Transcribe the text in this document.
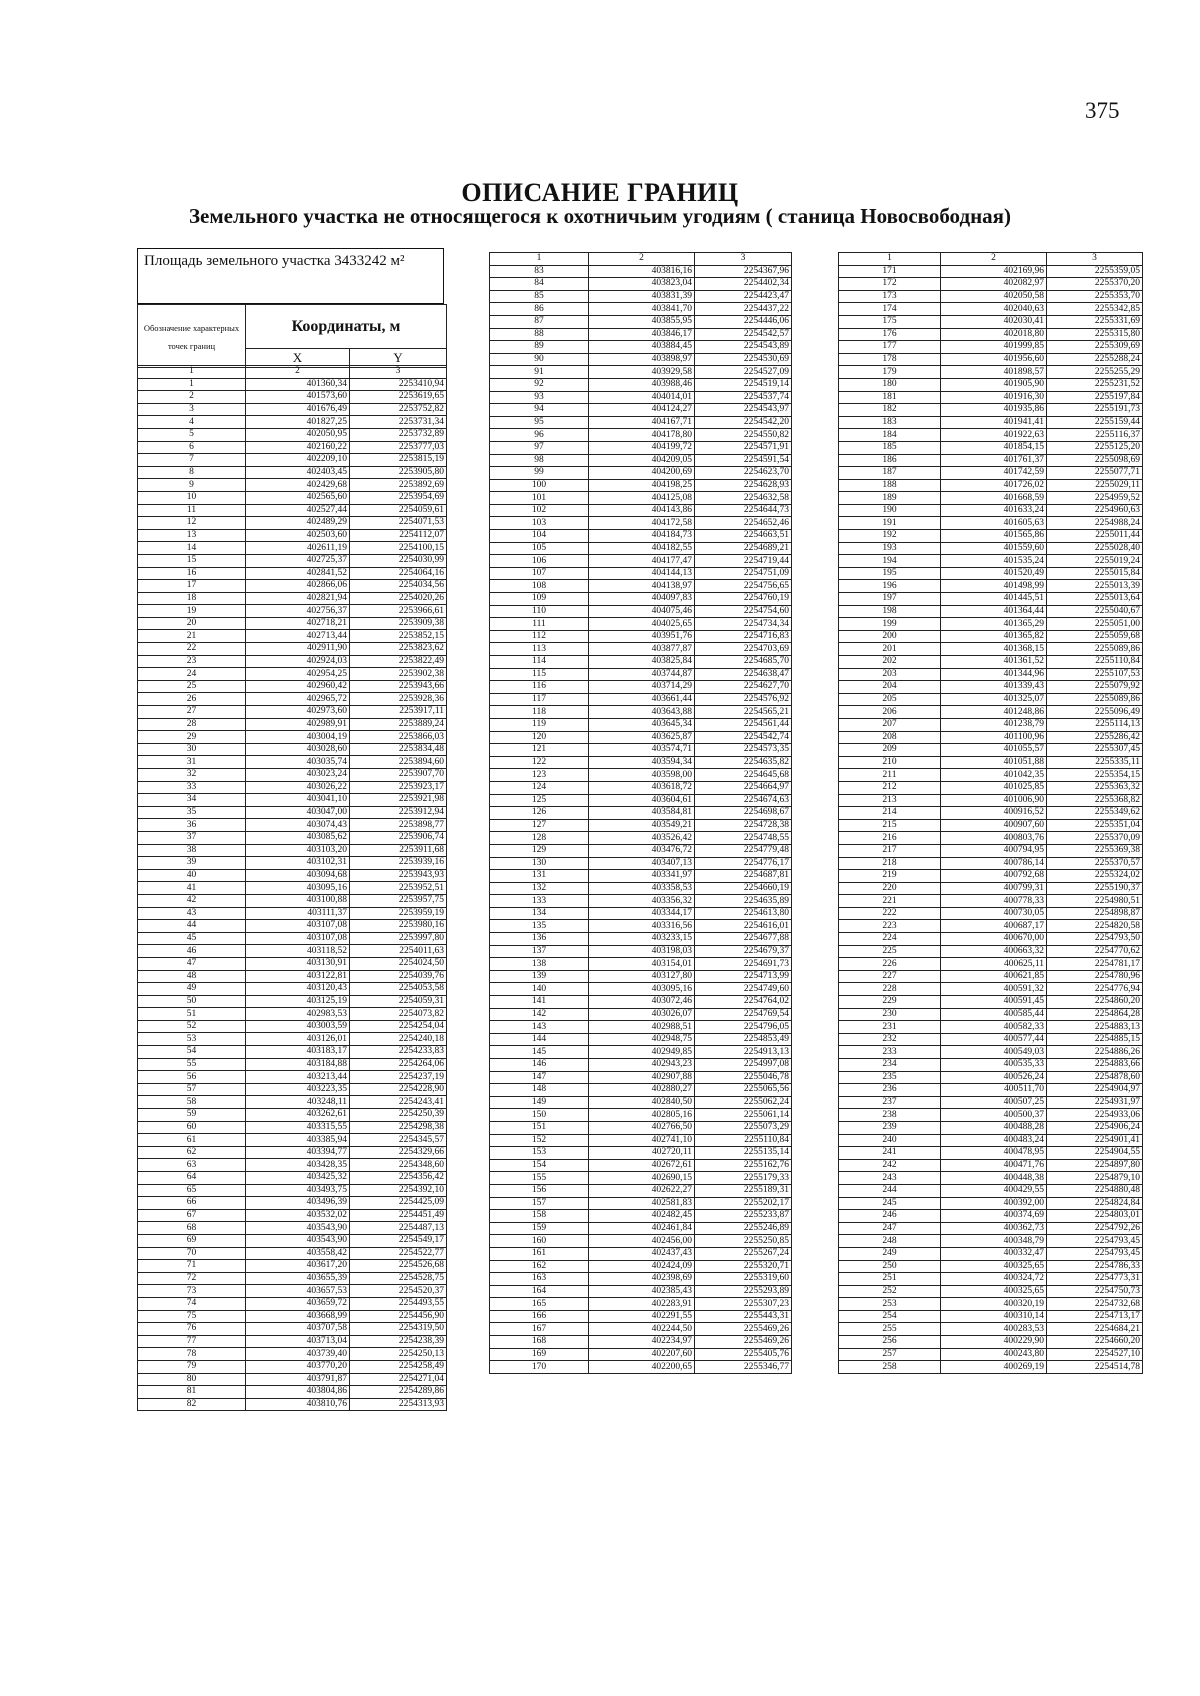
375
ОПИСАНИЕ ГРАНИЦ
Земельного участка не относящегося к охотничьим угодиям ( станица Новосвободная)
Площадь земельного участка 3433242 м²
Обозначение характерных точек границ	Координаты, м	
	X	Y
1	2	3
1	401360,34	2253410,94
2	401573,60	2253619,65
3	401676,49	2253752,82
4	401827,25	2253731,34
5	402050,95	2253732,89
6	402160,22	2253777,03
7	402209,10	2253815,19
8	402403,45	2253905,80
9	402429,68	2253892,69
10	402565,60	2253954,69
11	402527,44	2254059,61
12	402489,29	2254071,53
13	402503,60	2254112,07
14	402611,19	2254100,15
15	402725,37	2254030,99
16	402841,52	2254064,16
17	402866,06	2254034,56
18	402821,94	2254020,26
19	402756,37	2253966,61
20	402718,21	2253909,38
21	402713,44	2253852,15
22	402911,90	2253823,62
23	402924,03	2253822,49
24	402954,25	2253902,38
25	402960,42	2253943,66
26	402965,72	2253928,36
27	402973,60	2253917,11
28	402989,91	2253889,24
29	403004,19	2253866,03
30	403028,60	2253834,48
31	403035,74	2253894,60
32	403023,24	2253907,70
33	403026,22	2253923,17
34	403041,10	2253921,98
35	403047,00	2253912,94
36	403074,43	2253898,77
37	403085,62	2253906,74
38	403103,20	2253911,68
39	403102,31	2253939,16
40	403094,68	2253943,93
41	403095,16	2253952,51
42	403100,88	2253957,75
43	403111,37	2253959,19
44	403107,08	2253980,16
45	403107,08	2253997,80
46	403118,52	2254011,63
47	403130,91	2254024,50
48	403122,81	2254039,76
49	403120,43	2254053,58
50	403125,19	2254059,31
51	402983,53	2254073,82
52	403003,59	2254254,04
53	403126,01	2254240,18
54	403183,17	2254233,83
55	403184,88	2254264,06
56	403213,44	2254237,19
57	403223,35	2254228,90
58	403248,11	2254243,41
59	403262,61	2254250,39
60	403315,55	2254298,38
61	403385,94	2254345,57
62	403394,77	2254329,66
63	403428,35	2254348,60
64	403425,32	2254356,42
65	403493,75	2254392,10
66	403496,39	2254425,09
67	403532,02	2254451,49
68	403543,90	2254487,13
69	403543,90	2254549,17
70	403558,42	2254522,77
71	403617,20	2254526,68
72	403655,39	2254528,75
73	403657,53	2254520,37
74	403659,72	2254493,55
75	403668,99	2254456,90
76	403707,58	2254319,50
77	403713,04	2254238,39
78	403739,40	2254250,13
79	403770,20	2254258,49
80	403791,87	2254271,04
81	403804,86	2254289,86
82	403810,76	2254313,93
1	2	3
83	403816,16	2254367,96
84	403823,04	2254402,34
85	403831,39	2254423,47
86	403841,70	2254437,22
87	403855,95	2254446,06
88	403846,17	2254542,57
89	403884,45	2254543,89
90	403898,97	2254530,69
91	403929,58	2254527,09
92	403988,46	2254519,14
93	404014,01	2254537,74
94	404124,27	2254543,97
95	404167,71	2254542,20
96	404178,80	2254550,82
97	404199,72	2254571,91
98	404209,05	2254591,54
99	404200,69	2254623,70
100	404198,25	2254628,93
101	404125,08	2254632,58
102	404143,86	2254644,73
103	404172,58	2254652,46
104	404184,73	2254663,51
105	404182,55	2254689,21
106	404177,47	2254719,44
107	404144,13	2254751,09
108	404138,97	2254756,65
109	404097,83	2254760,19
110	404075,46	2254754,60
111	404025,65	2254734,34
112	403951,76	2254716,83
113	403877,87	2254703,69
114	403825,84	2254685,70
115	403744,87	2254638,47
116	403714,29	2254627,70
117	403661,44	2254576,92
118	403643,88	2254565,21
119	403645,34	2254561,44
120	403625,87	2254542,74
121	403574,71	2254573,35
122	403594,34	2254635,82
123	403598,00	2254645,68
124	403618,72	2254664,97
125	403604,61	2254674,63
126	403584,81	2254698,67
127	403549,21	2254728,38
128	403526,42	2254748,55
129	403476,72	2254779,48
130	403407,13	2254776,17
131	403341,97	2254687,81
132	403358,53	2254660,19
133	403356,32	2254635,89
134	403344,17	2254613,80
135	403316,56	2254616,01
136	403233,15	2254677,88
137	403198,03	2254679,37
138	403154,01	2254691,73
139	403127,80	2254713,99
140	403095,16	2254749,60
141	403072,46	2254764,02
142	403026,07	2254769,54
143	402988,51	2254796,05
144	402948,75	2254853,49
145	402949,85	2254913,13
146	402943,23	2254997,08
147	402907,88	2255046,78
148	402880,27	2255065,56
149	402840,50	2255062,24
150	402805,16	2255061,14
151	402766,50	2255073,29
152	402741,10	2255110,84
153	402720,11	2255135,14
154	402672,61	2255162,76
155	402690,15	2255179,33
156	402622,27	2255189,31
157	402581,83	2255202,17
158	402482,45	2255233,87
159	402461,84	2255246,89
160	402456,00	2255250,85
161	402437,43	2255267,24
162	402424,09	2255320,71
163	402398,69	2255319,60
164	402385,43	2255293,89
165	402283,91	2255307,23
166	402291,55	2255443,31
167	402244,50	2255469,26
168	402234,97	2255469,26
169	402207,60	2255405,76
170	402200,65	2255346,77
1	2	3
171	402169,96	2255359,05
172	402082,97	2255370,20
173	402050,58	2255353,70
174	402040,63	2255342,85
175	402030,41	2255331,69
176	402018,80	2255315,80
177	401999,85	2255309,69
178	401956,60	2255288,24
179	401898,57	2255255,29
180	401905,90	2255231,52
181	401916,30	2255197,84
182	401935,86	2255191,73
183	401941,41	2255159,44
184	401922,63	2255116,37
185	401854,15	2255125,20
186	401761,37	2255098,69
187	401742,59	2255077,71
188	401726,02	2255029,11
189	401668,59	2254959,52
190	401633,24	2254960,63
191	401605,63	2254988,24
192	401565,86	2255011,44
193	401559,60	2255028,40
194	401535,24	2255019,24
195	401520,49	2255015,84
196	401498,99	2255013,39
197	401445,51	2255013,64
198	401364,44	2255040,67
199	401365,29	2255051,00
200	401365,82	2255059,68
201	401368,15	2255089,86
202	401361,52	2255110,84
203	401344,96	2255107,53
204	401339,43	2255079,92
205	401325,07	2255089,86
206	401248,86	2255096,49
207	401238,79	2255114,13
208	401100,96	2255286,42
209	401055,57	2255307,45
210	401051,88	2255335,11
211	401042,35	2255354,15
212	401025,85	2255363,32
213	401006,90	2255368,82
214	400916,52	2255349,62
215	400907,60	2255351,04
216	400803,76	2255370,09
217	400794,95	2255369,38
218	400786,14	2255370,57
219	400792,68	2255324,02
220	400799,31	2255190,37
221	400778,33	2254980,51
222	400730,05	2254898,87
223	400687,17	2254820,58
224	400670,00	2254793,50
225	400663,32	2254770,62
226	400625,11	2254781,17
227	400621,85	2254780,96
228	400591,32	2254776,94
229	400591,45	2254860,20
230	400585,44	2254864,28
231	400582,33	2254883,13
232	400577,44	2254885,15
233	400549,03	2254886,26
234	400535,33	2254883,66
235	400526,24	2254878,60
236	400511,70	2254904,97
237	400507,25	2254931,97
238	400500,37	2254933,06
239	400488,28	2254906,24
240	400483,24	2254901,41
241	400478,95	2254904,55
242	400471,76	2254897,80
243	400448,38	2254879,10
244	400429,55	2254880,48
245	400392,00	2254824,84
246	400374,69	2254803,01
247	400362,73	2254792,26
248	400348,79	2254793,45
249	400332,47	2254793,45
250	400325,65	2254786,33
251	400324,72	2254773,31
252	400325,65	2254750,73
253	400320,19	2254732,68
254	400310,14	2254713,17
255	400283,53	2254684,21
256	400229,90	2254660,20
257	400243,80	2254527,10
258	400269,19	2254514,78
